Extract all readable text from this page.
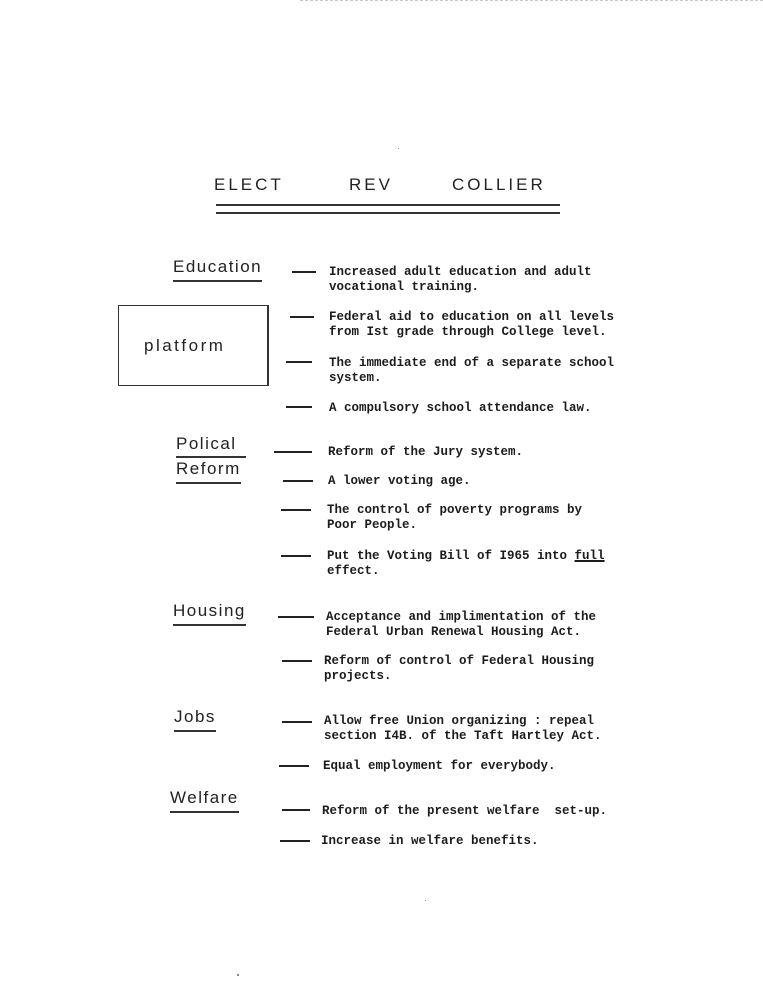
ELECT	REV	COLLIER
platform
Education	Increased adult education and adult
vocational training.
Federal aid to education on all levels
from Ist grade through College level.
The immediate end of a separate school
system.
A compulsory school attendance law.
Polical
Reform
Reform of the Jury system.
A lower voting age.
The control of poverty programs by
Poor People.
Put the Voting Bill of I965 into full
effect.
Housing	Acceptance and implimentation of the
Federal Urban Renewal Housing Act.
Reform of control of Federal Housing
projects.
Jobs	Allow free Union organizing : repeal
section I4B. of the Taft Hartley Act.
Equal employment for everybody.
Welfare
Reform of the present welfare  set-up.
Increase in welfare benefits.
